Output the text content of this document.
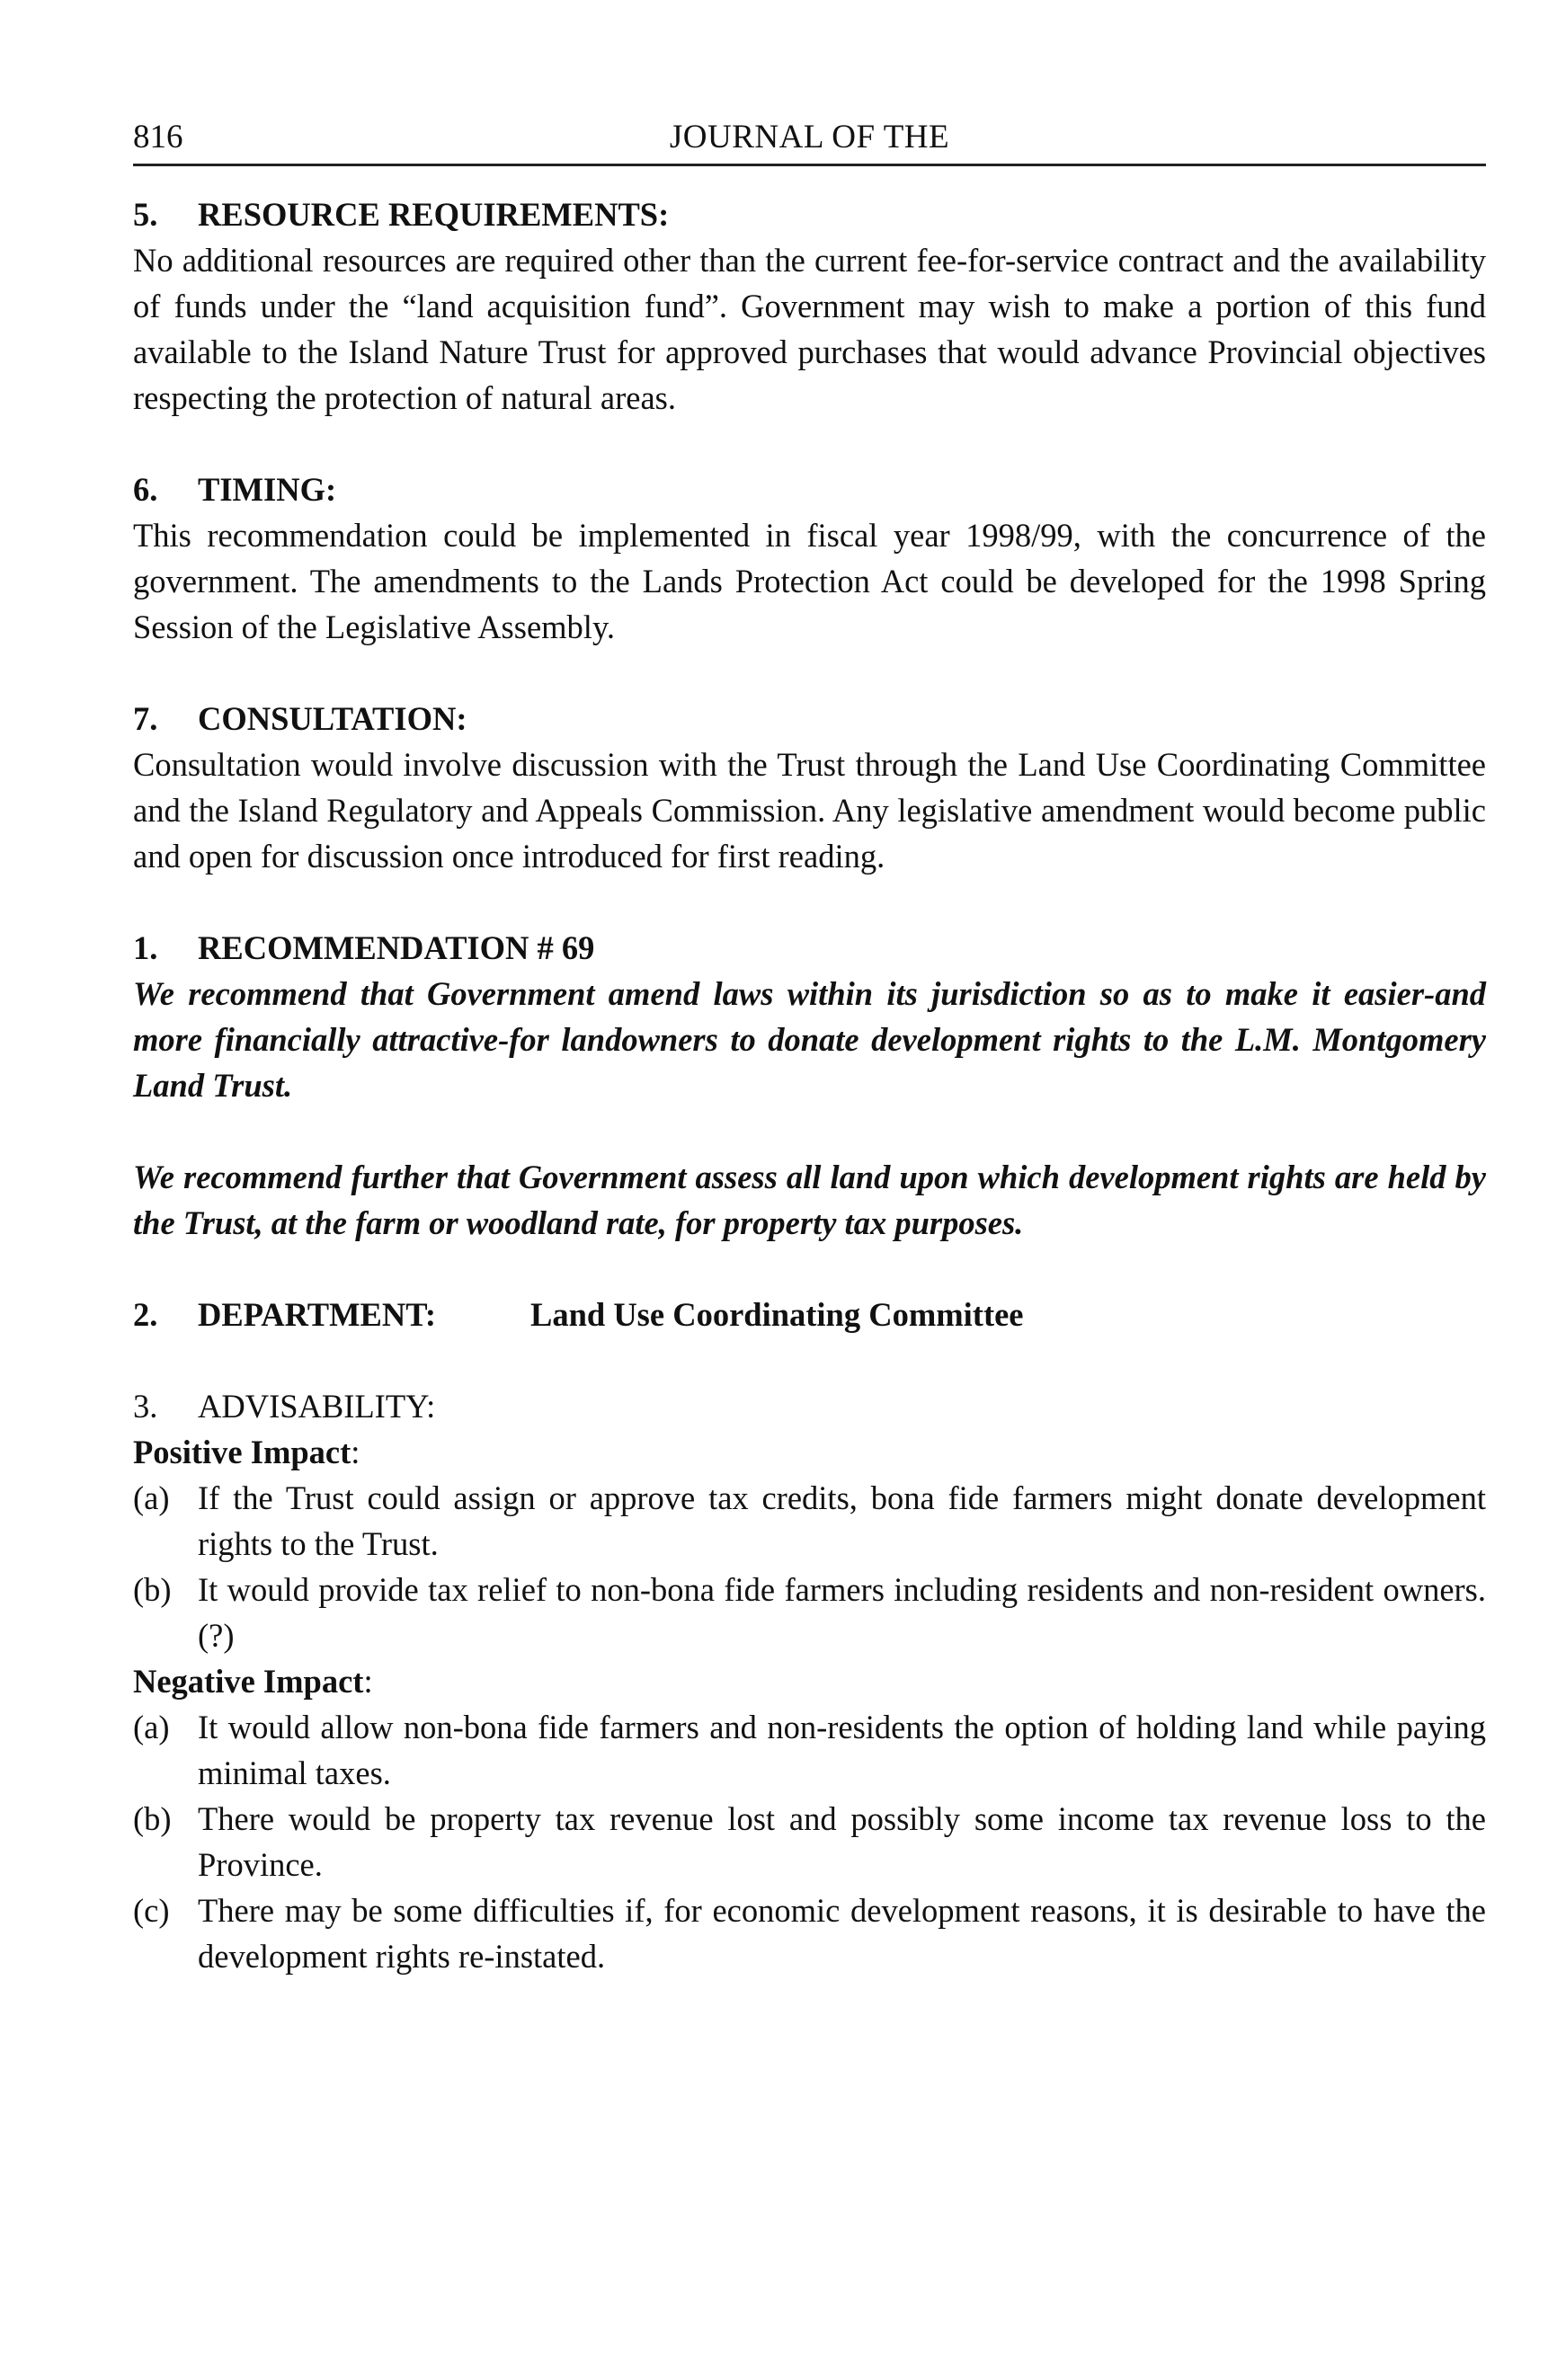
816	JOURNAL OF THE
5. RESOURCE REQUIREMENTS:

No additional resources are required other than the current fee-for-service contract and the availability of funds under the “land acquisition fund”. Government may wish to make a portion of this fund available to the Island Nature Trust for approved purchases that would advance Provincial objectives respecting the protection of natural areas.

6. TIMING:

This recommendation could be implemented in fiscal year 1998/99, with the concurrence of the government. The amendments to the Lands Protection Act could be developed for the 1998 Spring Session of the Legislative Assembly.

7. CONSULTATION:

Consultation would involve discussion with the Trust through the Land Use Coordinating Committee and the Island Regulatory and Appeals Commission. Any legislative amendment would become public and open for discussion once introduced for first reading.

1. RECOMMENDATION # 69

We recommend that Government amend laws within its jurisdiction so as to make it easier-and more financially attractive-for landowners to donate development rights to the L.M. Montgomery Land Trust.

We recommend further that Government assess all land upon which development rights are held by the Trust, at the farm or woodland rate, for property tax purposes.

2. DEPARTMENT:	Land Use Coordinating Committee
3. ADVISABILITY:
Positive Impact:
(a) If the Trust could assign or approve tax credits, bona fide farmers might donate development rights to the Trust.
(b) It would provide tax relief to non-bona fide farmers including residents and non-resident owners. (?)
Negative Impact:
(a) It would allow non-bona fide farmers and non-residents the option of holding land while paying minimal taxes.
(b) There would be property tax revenue lost and possibly some income tax revenue loss to the Province.
(c) There may be some difficulties if, for economic development reasons, it is desirable to have the development rights re-instated.
